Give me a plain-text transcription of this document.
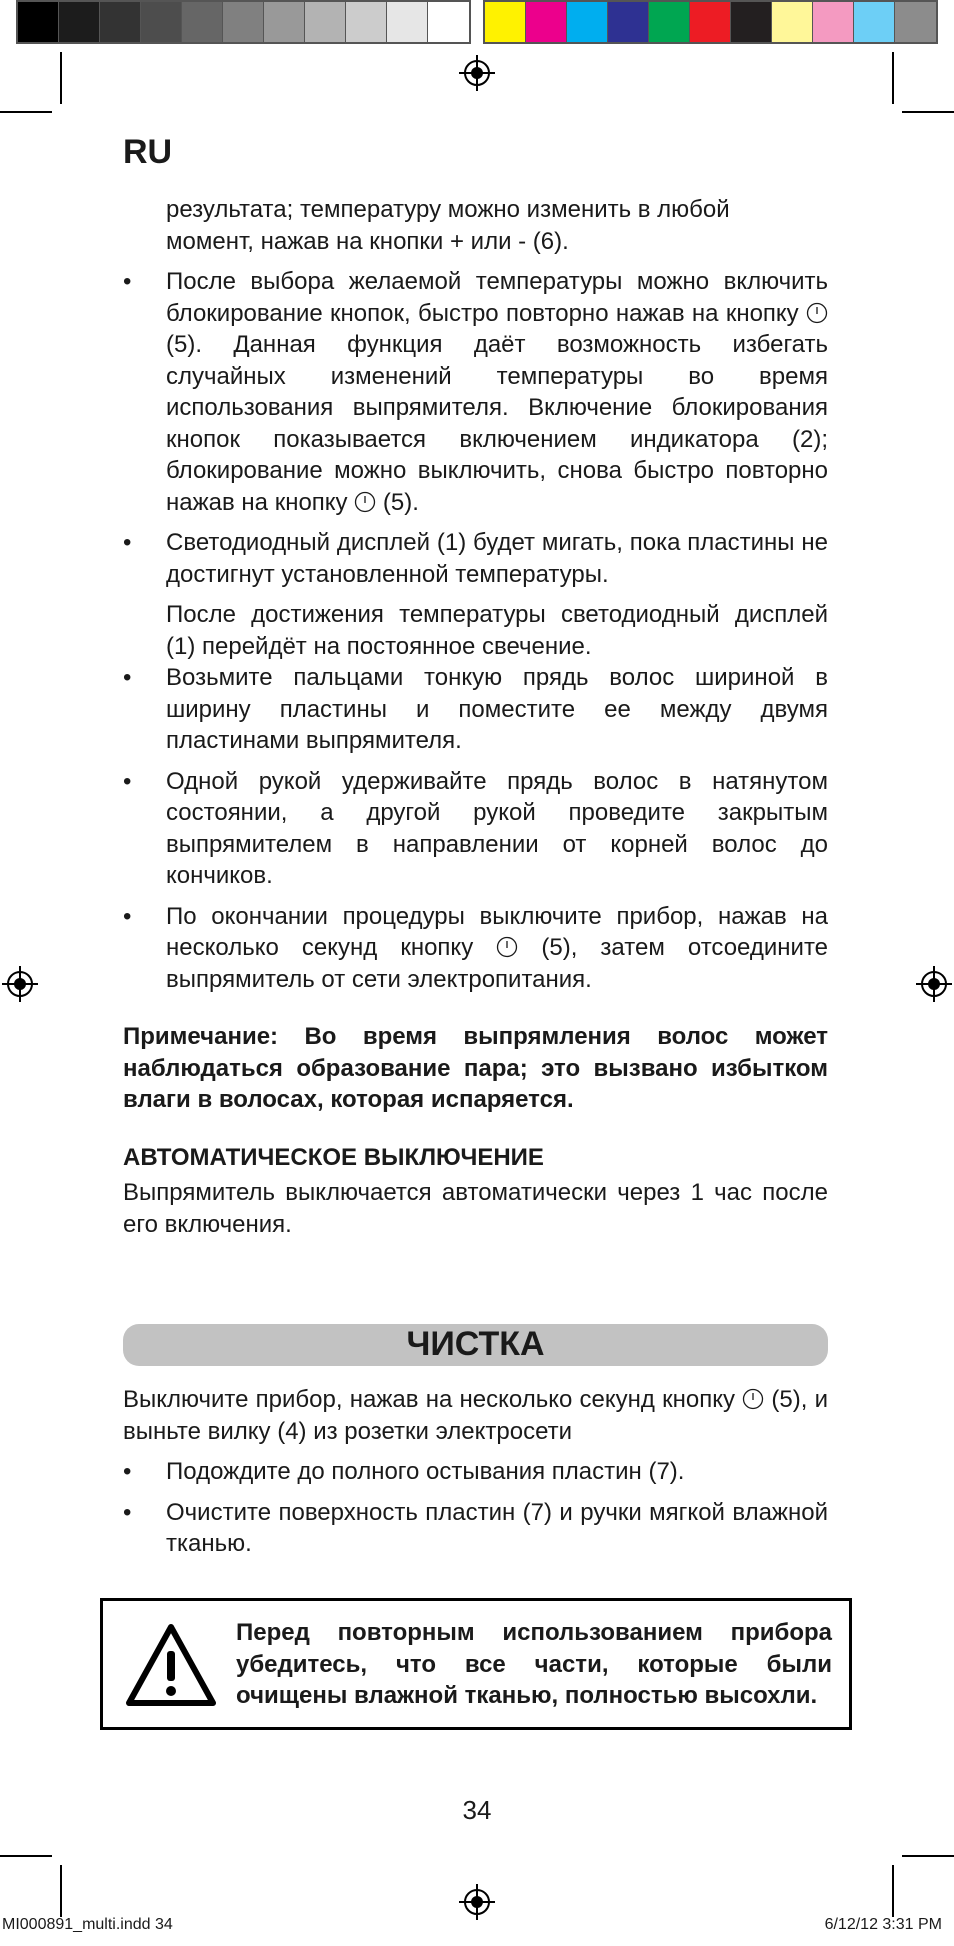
RU

результата; температуру можно изменить в любой
момент, нажав на кнопки + или - (6).

•	После выбора желаемой температуры можно включить блокирование кнопок, быстро повторно нажав на кнопку  (5). Данная функция даёт возможность избегать случайных изменений температуры во время использования выпрямителя. Включение блокирования кнопок показывается включением индикатора (2); блокирование можно выключить, снова быстро повторно нажав на кнопку (5).
•	Светодиодный дисплей (1) будет мигать, пока пластины не достигнут установленной температуры.

После достижения температуры светодиодный дисплей (1) перейдёт на постоянное свечение.

•	Возьмите пальцами тонкую прядь волос шириной в ширину пластины и поместите ее между двумя пластинами выпрямителя.
•	Одной рукой удерживайте прядь волос в натянутом состоянии, а другой рукой проведите закрытым выпрямителем в направлении от корней волос до кончиков.
•	По окончании процедуры выключите прибор, нажав на несколько секунд кнопку	(5), затем отсоедините выпрямитель от сети электропитания.

Примечание: Во время выпрямления волос может наблюдаться образование пара; это вызвано избытком влаги в волосах, которая испаряется.

АВТОМАТИЧЕСКОЕ ВЫКЛЮЧЕНИЕ

Выпрямитель выключается автоматически через 1 час после его включения.

ЧИСТКА

Выключите прибор, нажав на несколько секунд кнопку (5), и выньте вилку (4) из розетки электросети

•	Подождите до полного остывания пластин (7).
•	Очистите поверхность пластин (7) и ручки мягкой влажной тканью.
Перед повторным использованием прибора убедитесь, что все части, которые были очищены влажной тканью, полностью высохли.
34
MI000891_multi.indd 34	6/12/12 3:31 PM
